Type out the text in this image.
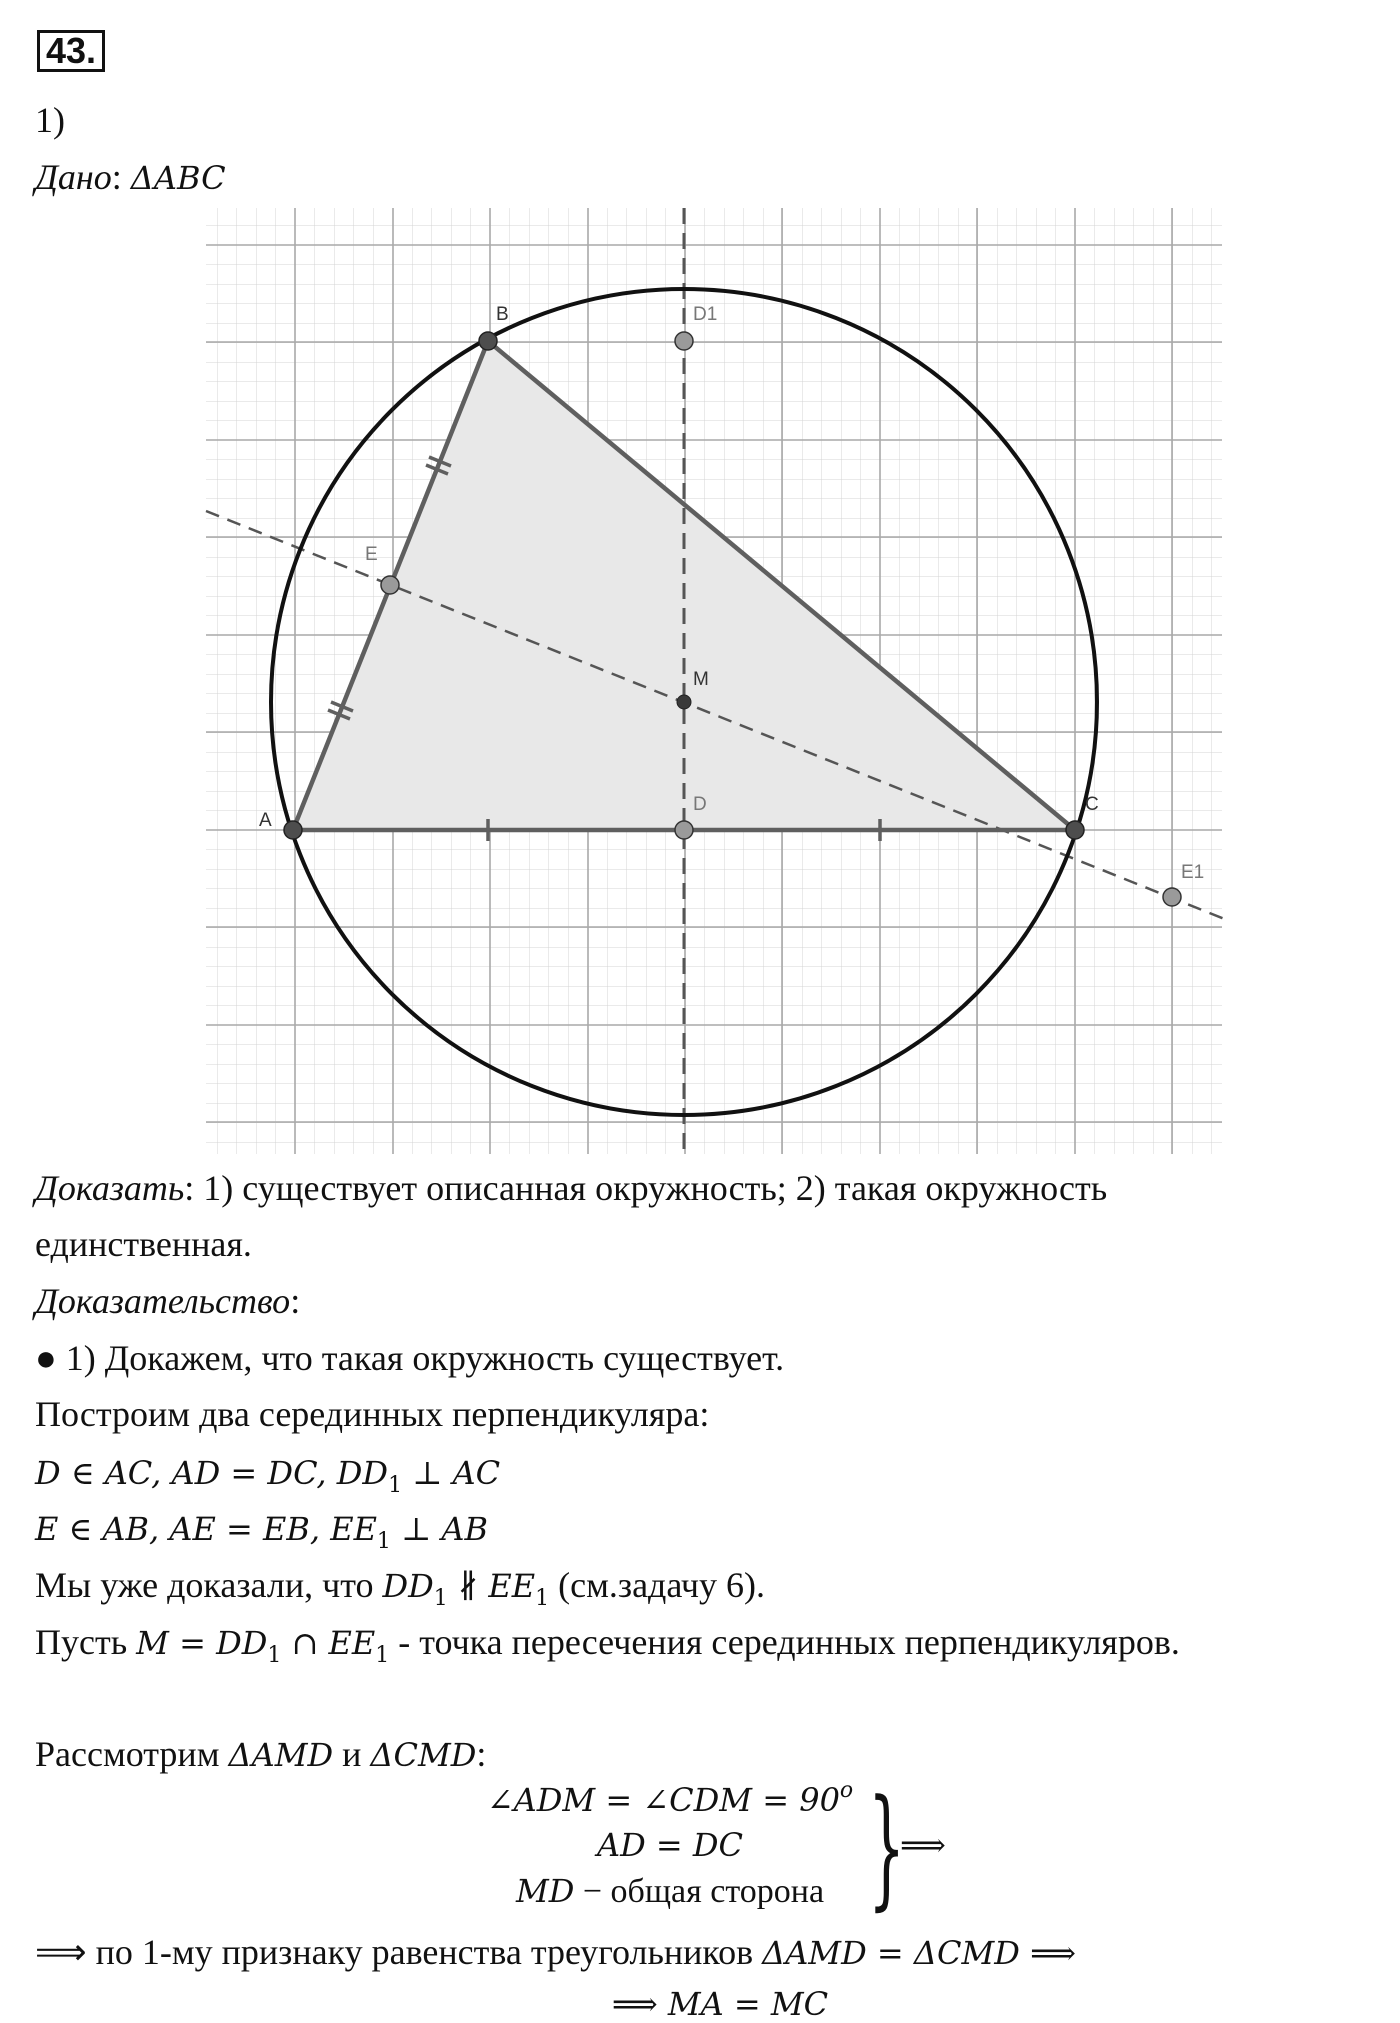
43.
1)
Дано: ΔABC
A
B
C
D
D1
E
E1
M
Доказать: 1) существует описанная окружность; 2) такая окружность
единственная.
Доказательство:
● 1) Докажем, что такая окружность существует.
Построим два серединных перпендикуляра:
D ∈ AC, AD = DC, $DD_1$ ⊥ AC
E ∈ AB, AE = EB, $EE_1$ ⊥ AB
Мы уже доказали, что $DD_1$ ∦ $EE_1$ (см.задачу 6).
Пусть $M = DD_1$ ∩ $EE_1$ - точка пересечения серединных перпендикуляров.
Рассмотрим ΔAMD и ΔCMD:
∠ADM = ∠CDM = $90^o$
AD = DC
MD − общая сторона }
⟹
⟹ по 1-му признаку равенства треугольников ΔAMD = ΔCMD ⟹
⟹ MA = MC
